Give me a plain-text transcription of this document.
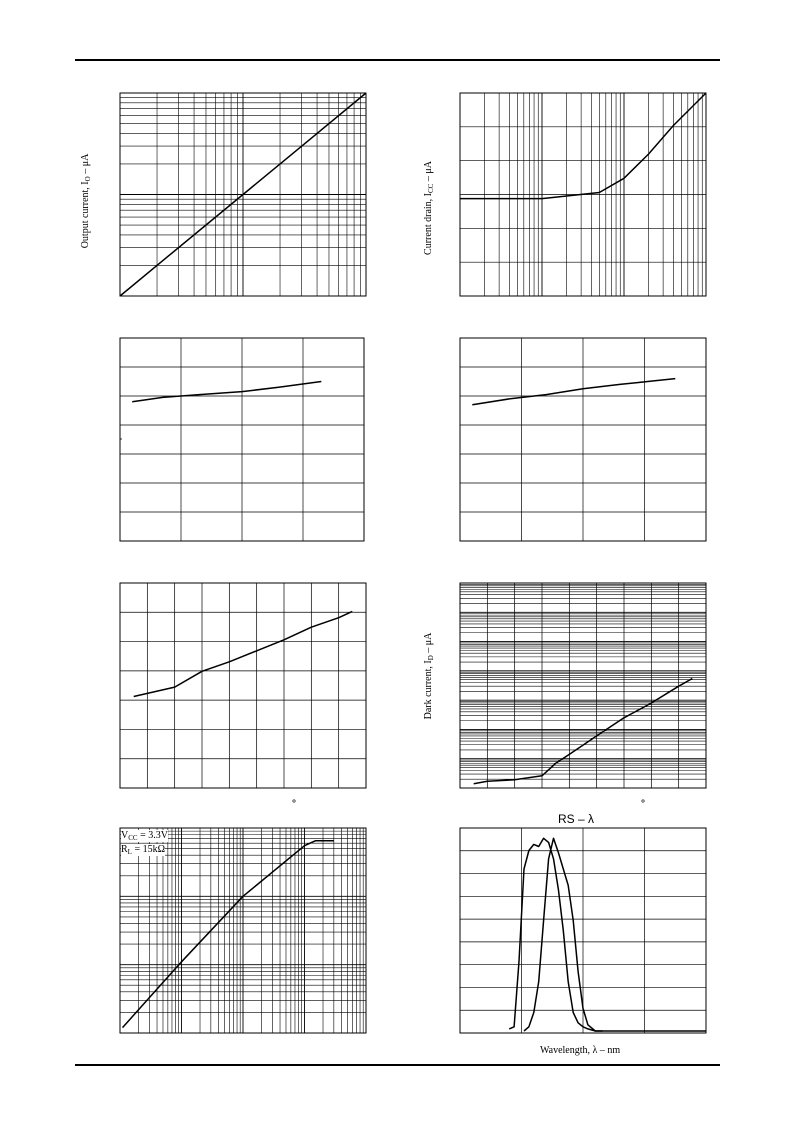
Output current, $I_O$ – μA
Current drain, $I_{CC}$ – μA
Dark current, $I_D$ – μA
$V_{CC} = 3.3V$
$R_L = 15k\Omega$
RS – λ
Wavelength, λ – nm
